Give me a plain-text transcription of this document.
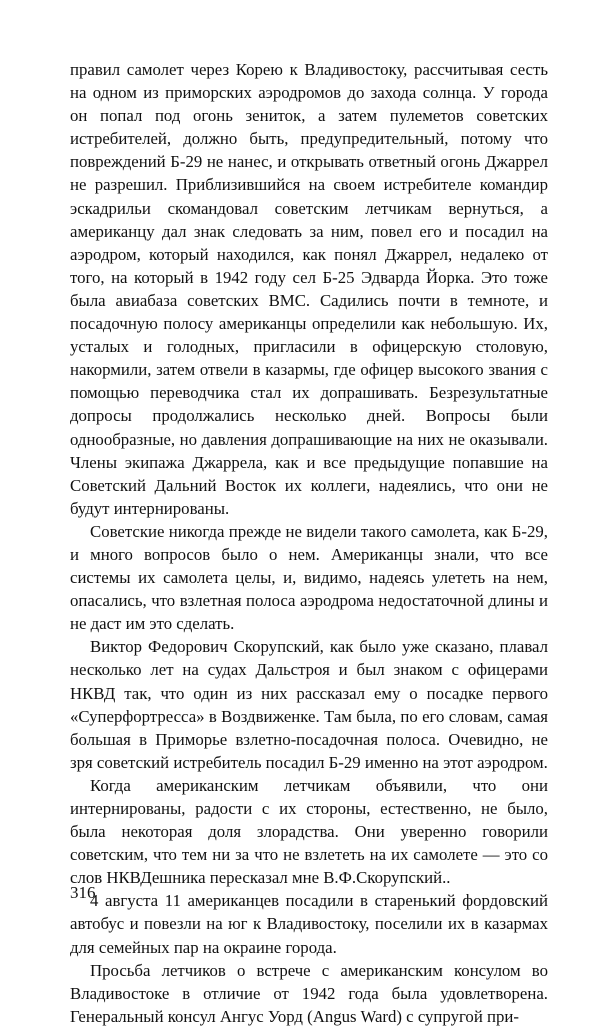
правил самолет через Корею к Владивостоку, рассчитывая сесть на одном из приморских аэродромов до захода солнца. У города он попал под огонь зениток, а затем пулеметов советских истребителей, должно быть, предупредительный, потому что повреждений Б-29 не нанес, и открывать ответный огонь Джаррел не разрешил. Приблизившийся на своем истребителе командир эскадрильи скомандовал советским летчикам вернуться, а американцу дал знак следовать за ним, повел его и посадил на аэродром, который находился, как понял Джаррел, недалеко от того, на который в 1942 году сел Б-25 Эдварда Йорка. Это тоже была авиабаза советских ВМС. Садились почти в темноте, и посадочную полосу американцы определили как небольшую. Их, усталых и голодных, пригласили в офицерскую столовую, накормили, затем отвели в казармы, где офицер высокого звания с помощью переводчика стал их допрашивать. Безрезультатные допросы продолжались несколько дней. Вопросы были однообразные, но давления допрашивающие на них не оказывали. Члены экипажа Джаррела, как и все предыдущие попавшие на Советский Дальний Восток их коллеги, надеялись, что они не будут интернированы.

Советские никогда прежде не видели такого самолета, как Б-29, и много вопросов было о нем. Американцы знали, что все системы их самолета целы, и, видимо, надеясь улететь на нем, опасались, что взлетная полоса аэродрома недостаточной длины и не даст им это сделать.

Виктор Федорович Скорупский, как было уже сказано, плавал несколько лет на судах Дальстроя и был знаком с офицерами НКВД так, что один из них рассказал ему о посадке первого «Суперфортресса» в Воздвиженке. Там была, по его словам, самая большая в Приморье взлетно-посадочная полоса. Очевидно, не зря советский истребитель посадил Б-29 именно на этот аэродром.

Когда американским летчикам объявили, что они интернированы, радости с их стороны, естественно, не было, была некоторая доля злорадства. Они уверенно говорили советским, что тем ни за что не взлететь на их самолете — это со слов НКВДешника пересказал мне В.Ф.Скорупский..

4 августа 11 американцев посадили в старенький фордовский автобус и повезли на юг к Владивостоку, поселили их в казармах для семейных пар на окраине города.

Просьба летчиков о встрече с американским консулом во Владивостоке в отличие от 1942 года была удовлетворена. Генеральный консул Ангус Уорд (Angus Ward) с супругой при-

316
